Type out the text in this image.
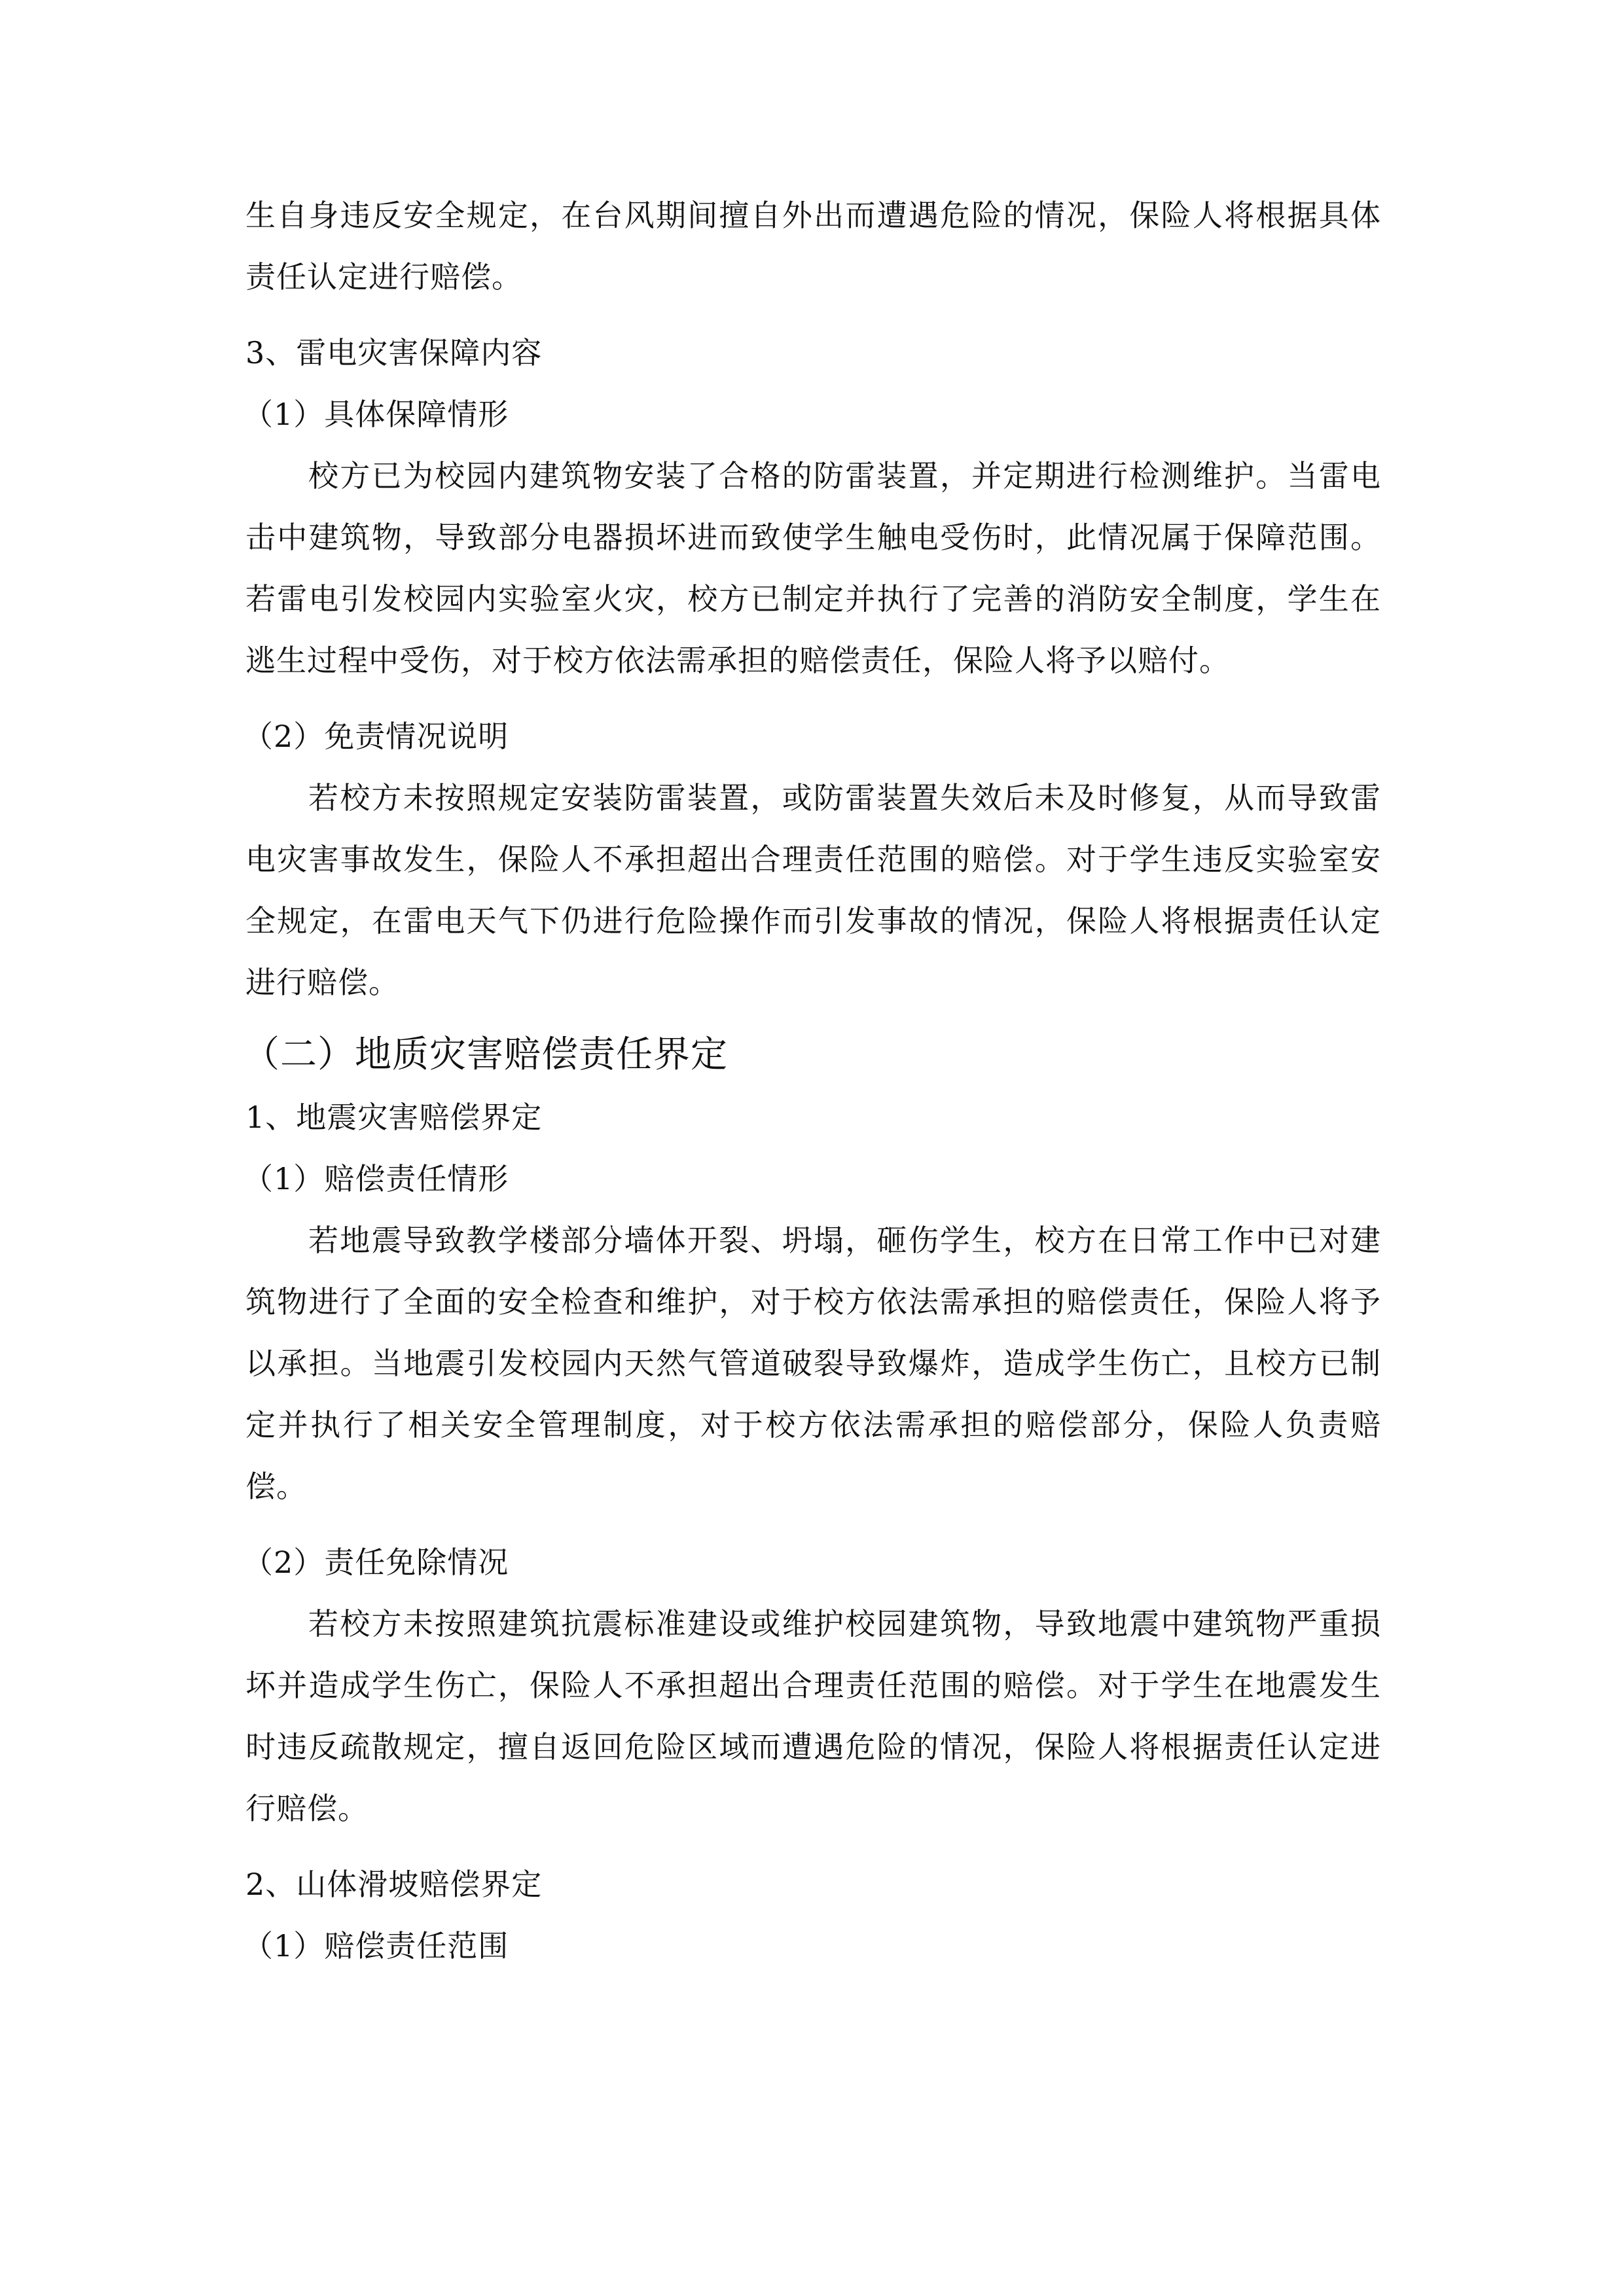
生自身违反安全规定，在台风期间擅自外出而遭遇危险的情况，保险人将根据具体责任认定进行赔偿。

3、雷电灾害保障内容

（1）具体保障情形

校方已为校园内建筑物安装了合格的防雷装置，并定期进行检测维护。当雷电击中建筑物，导致部分电器损坏进而致使学生触电受伤时，此情况属于保障范围。若雷电引发校园内实验室火灾，校方已制定并执行了完善的消防安全制度，学生在逃生过程中受伤，对于校方依法需承担的赔偿责任，保险人将予以赔付。

（2）免责情况说明

若校方未按照规定安装防雷装置，或防雷装置失效后未及时修复，从而导致雷电灾害事故发生，保险人不承担超出合理责任范围的赔偿。对于学生违反实验室安全规定，在雷电天气下仍进行危险操作而引发事故的情况，保险人将根据责任认定进行赔偿。

（二）地质灾害赔偿责任界定

1、地震灾害赔偿界定

（1）赔偿责任情形

若地震导致教学楼部分墙体开裂、坍塌，砸伤学生，校方在日常工作中已对建筑物进行了全面的安全检查和维护，对于校方依法需承担的赔偿责任，保险人将予以承担。当地震引发校园内天然气管道破裂导致爆炸，造成学生伤亡，且校方已制定并执行了相关安全管理制度，对于校方依法需承担的赔偿部分，保险人负责赔偿。

（2）责任免除情况

若校方未按照建筑抗震标准建设或维护校园建筑物，导致地震中建筑物严重损坏并造成学生伤亡，保险人不承担超出合理责任范围的赔偿。对于学生在地震发生时违反疏散规定，擅自返回危险区域而遭遇危险的情况，保险人将根据责任认定进行赔偿。

2、山体滑坡赔偿界定

（1）赔偿责任范围
